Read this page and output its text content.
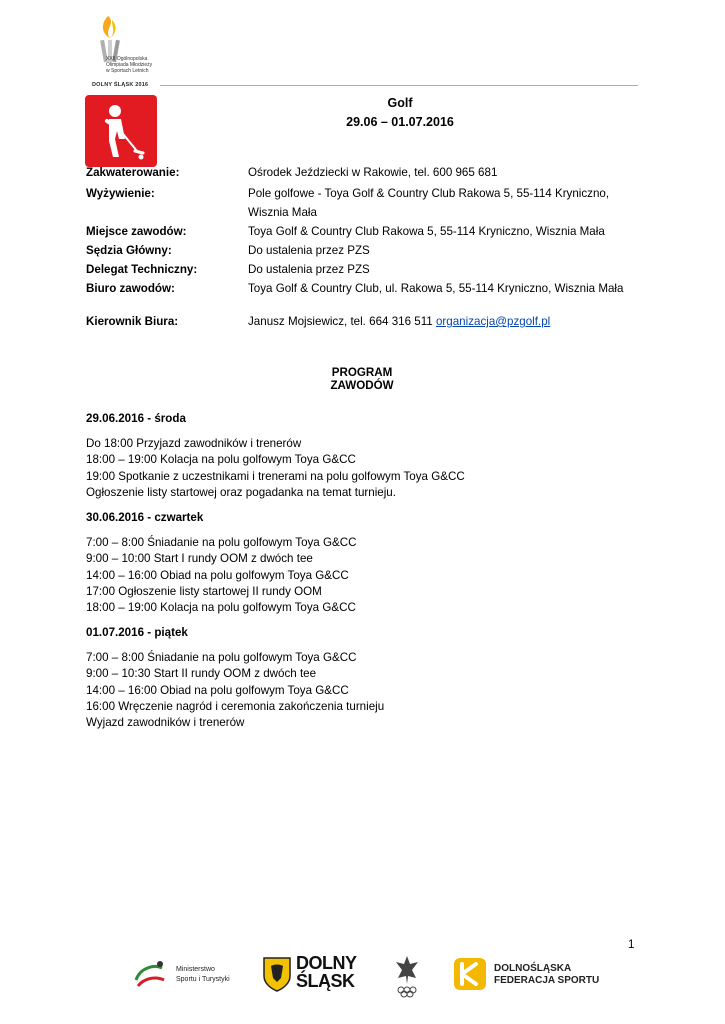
XXII Ogólnopolska
Olimpiada Młodzieży
w Sportach Letnich
DOLNY ŚLĄSK 2016
Golf
29.06 – 01.07.2016
Zakwaterowanie:	Ośrodek Jeździecki w Rakowie, tel. 600 965 681
Wyżywienie:	Pole golfowe - Toya Golf & Country Club Rakowa 5, 55-114 Kryniczno, Wisznia Mała
Miejsce zawodów:	Toya Golf & Country Club Rakowa 5, 55-114 Kryniczno, Wisznia Mała
Sędzia Główny:	Do ustalenia przez PZS
Delegat Techniczny:	Do ustalenia przez PZS
Biuro zawodów:	Toya Golf & Country Club, ul. Rakowa 5, 55-114 Kryniczno, Wisznia Mała
Kierownik Biura:	Janusz Mojsiewicz, tel. 664 316 511 organizacja@pzgolf.pl
PROGRAM ZAWODÓW
29.06.2016 - środa
Do 18:00 Przyjazd zawodników i trenerów
18:00 – 19:00 Kolacja na polu golfowym Toya G&CC
19:00 Spotkanie z uczestnikami i trenerami na polu golfowym Toya G&CC
Ogłoszenie listy startowej oraz pogadanka na temat turnieju.
30.06.2016 - czwartek
7:00 – 8:00 Śniadanie na polu golfowym Toya G&CC
9:00 – 10:00 Start I rundy OOM z dwóch tee
14:00 – 16:00 Obiad na polu golfowym Toya G&CC
17:00 Ogłoszenie listy startowej II rundy OOM
18:00 – 19:00 Kolacja na polu golfowym Toya G&CC
01.07.2016 - piątek
7:00 – 8:00 Śniadanie na polu golfowym Toya G&CC
9:00 – 10:30 Start II rundy OOM z dwóch tee
14:00 – 16:00 Obiad na polu golfowym Toya G&CC
16:00 Wręczenie nagród i ceremonia zakończenia turnieju
Wyjazd zawodników i trenerów
1
Ministerstwo
Sportu i Turystyki
DOLNY
ŚLĄSK
DOLNOŚLĄSKA
FEDERACJA SPORTU
